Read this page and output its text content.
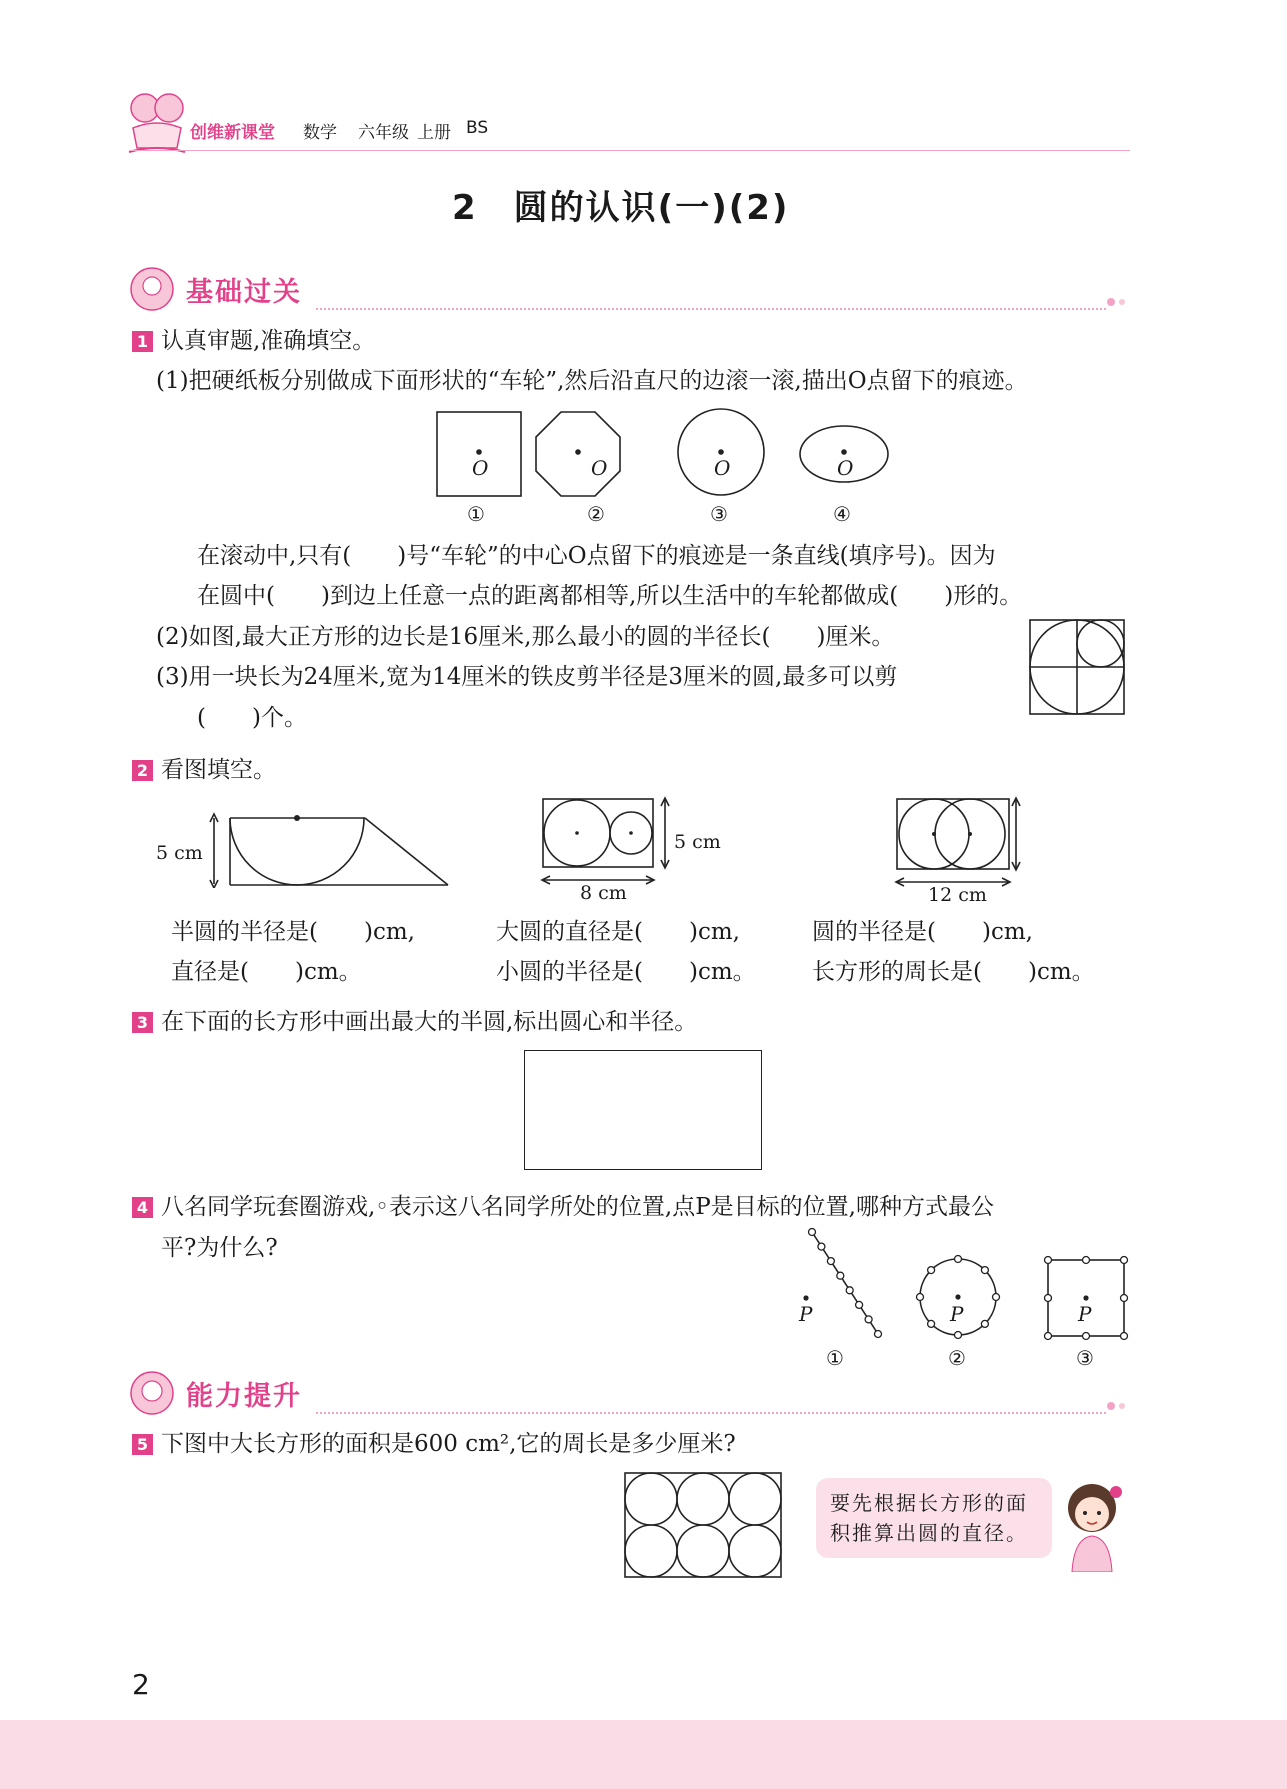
创维新课堂 数学 六年级 上册 BS
2　圆的认识(一)(2)
基础过关
1 认真审题,准确填空。
(1)把硬纸板分别做成下面形状的“车轮”,然后沿直尺的边滚一滚,描出O点留下的痕迹。
O	O	O	O
①	②	③	④
在滚动中,只有(　　)号“车轮”的中心O点留下的痕迹是一条直线(填序号)。因为
在圆中(　　)到边上任意一点的距离都相等,所以生活中的车轮都做成(　　)形的。
(2)如图,最大正方形的边长是16厘米,那么最小的圆的半径长(　　)厘米。
(3)用一块长为24厘米,宽为14厘米的铁皮剪半径是3厘米的圆,最多可以剪
(　　)个。
2 看图填空。
5 cm	5 cm
8 cm	12 cm
半圆的半径是(　　)cm,
直径是(　　)cm。
大圆的直径是(　　)cm,
小圆的半径是(　　)cm。
圆的半径是(　　)cm,
长方形的周长是(　　)cm。
3 在下面的长方形中画出最大的半圆,标出圆心和半径。
4 八名同学玩套圈游戏,◦表示这八名同学所处的位置,点P是目标的位置,哪种方式最公
平?为什么?
P	P	P
①	②	③
能力提升
5 下图中大长方形的面积是600 cm²,它的周长是多少厘米?
要先根据长方形的面
积推算出圆的直径。
2
